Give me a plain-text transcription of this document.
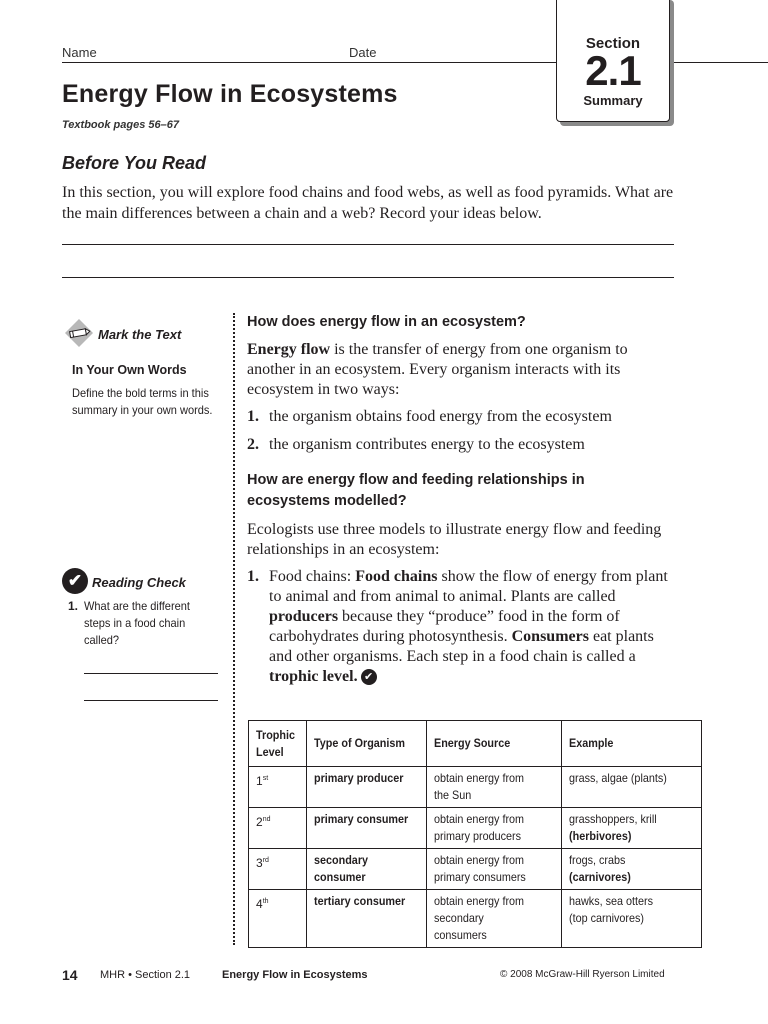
Name	Date
Section
2.1
Summary
Energy Flow in Ecosystems
Textbook pages 56–67
Before You Read
In this section, you will explore food chains and food webs, as well as food pyramids. What are the main differences between a chain and a web? Record your ideas below.
Mark the Text
In Your Own Words
Define the bold terms in this summary in your own words.
✔ Reading Check
1. What are the different steps in a food chain called?
How does energy flow in an ecosystem?
Energy flow is the transfer of energy from one organism to another in an ecosystem. Every organism interacts with its ecosystem in two ways:
1. the organism obtains food energy from the ecosystem
2. the organism contributes energy to the ecosystem
How are energy flow and feeding relationships in ecosystems modelled?
Ecologists use three models to illustrate energy flow and feeding relationships in an ecosystem:
1. Food chains: Food chains show the flow of energy from plant to animal and from animal to animal. Plants are called producers because they “produce” food in the form of carbohydrates during photosynthesis. Consumers eat plants and other organisms. Each step in a food chain is called a trophic level. ✔
Trophic Level	Type of Organism	Energy Source	Example
1st	primary producer	obtain energy from the Sun	grass, algae (plants)

2nd	primary consumer	obtain energy from primary producers	grasshoppers, krill
(herbivores)

3rd	secondary consumer	obtain energy from primary consumers	frogs, crabs
(carnivores)

4th	tertiary consumer	obtain energy from secondary consumers	hawks, sea otters (top carnivores)
14 MHR • Section 2.1	Energy Flow in Ecosystems	© 2008 McGraw-Hill Ryerson Limited
